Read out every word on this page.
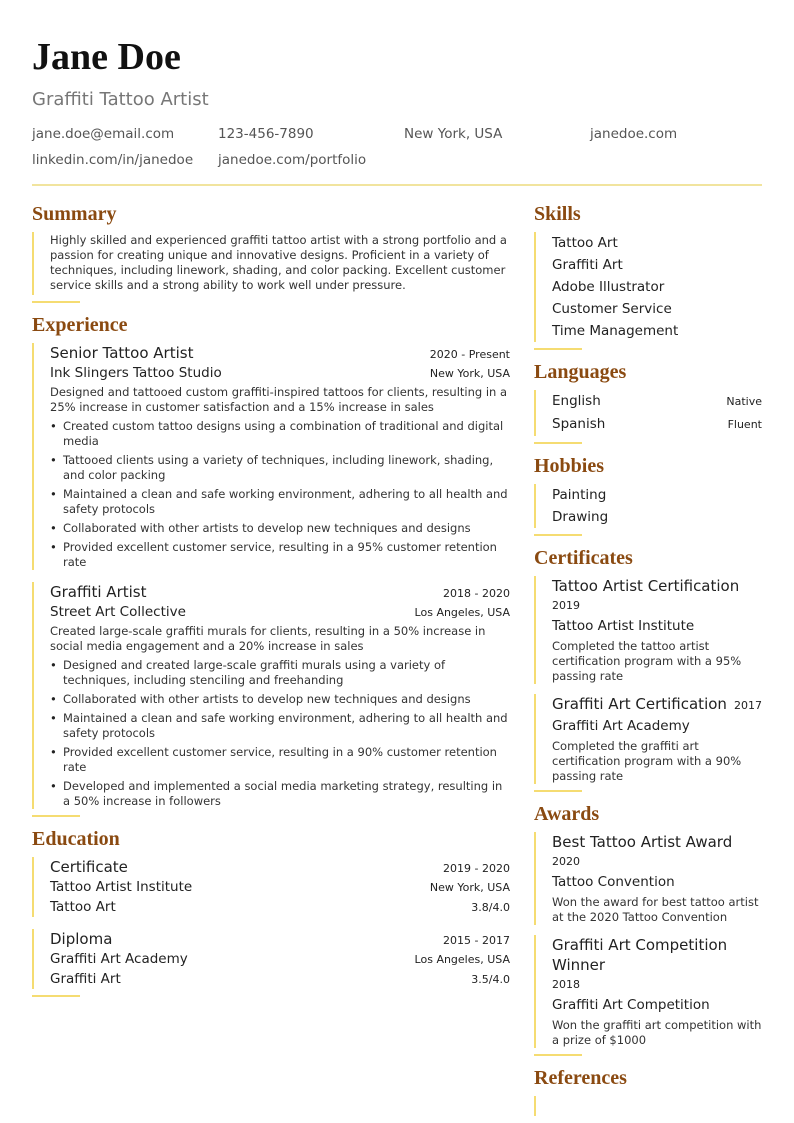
Jane Doe
Graffiti Tattoo Artist
jane.doe@email.com	123-456-7890	New York, USA	janedoe.com
linkedin.com/in/janedoe	janedoe.com/portfolio
Summary
Highly skilled and experienced graffiti tattoo artist with a strong portfolio and a passion for creating unique and innovative designs. Proficient in a variety of techniques, including linework, shading, and color packing. Excellent customer service skills and a strong ability to work well under pressure.
Experience
Senior Tattoo Artist	2020 - Present
Ink Slingers Tattoo Studio	New York, USA
Designed and tattooed custom graffiti-inspired tattoos for clients, resulting in a 25% increase in customer satisfaction and a 15% increase in sales
• Created custom tattoo designs using a combination of traditional and digital media
• Tattooed clients using a variety of techniques, including linework, shading, and color packing
• Maintained a clean and safe working environment, adhering to all health and safety protocols
• Collaborated with other artists to develop new techniques and designs
• Provided excellent customer service, resulting in a 95% customer retention rate
Graffiti Artist	2018 - 2020
Street Art Collective	Los Angeles, USA
Created large-scale graffiti murals for clients, resulting in a 50% increase in social media engagement and a 20% increase in sales
• Designed and created large-scale graffiti murals using a variety of techniques, including stenciling and freehanding
• Collaborated with other artists to develop new techniques and designs
• Maintained a clean and safe working environment, adhering to all health and safety protocols
• Provided excellent customer service, resulting in a 90% customer retention rate
• Developed and implemented a social media marketing strategy, resulting in a 50% increase in followers
Education
Certificate	2019 - 2020
Tattoo Artist Institute	New York, USA
Tattoo Art	3.8/4.0
Diploma	2015 - 2017
Graffiti Art Academy	Los Angeles, USA
Graffiti Art	3.5/4.0
Skills
Tattoo Art
Graffiti Art
Adobe Illustrator
Customer Service
Time Management
Languages
English	Native
Spanish	Fluent
Hobbies
Painting
Drawing
Certificates
Tattoo Artist Certification
2019
Tattoo Artist Institute
Completed the tattoo artist certification program with a 95% passing rate
Graffiti Art Certification 2017
Graffiti Art Academy
Completed the graffiti art certification program with a 90% passing rate
Awards
Best Tattoo Artist Award
2020
Tattoo Convention
Won the award for best tattoo artist at the 2020 Tattoo Convention
Graffiti Art Competition Winner
2018
Graffiti Art Competition
Won the graffiti art competition with a prize of $1000
References
